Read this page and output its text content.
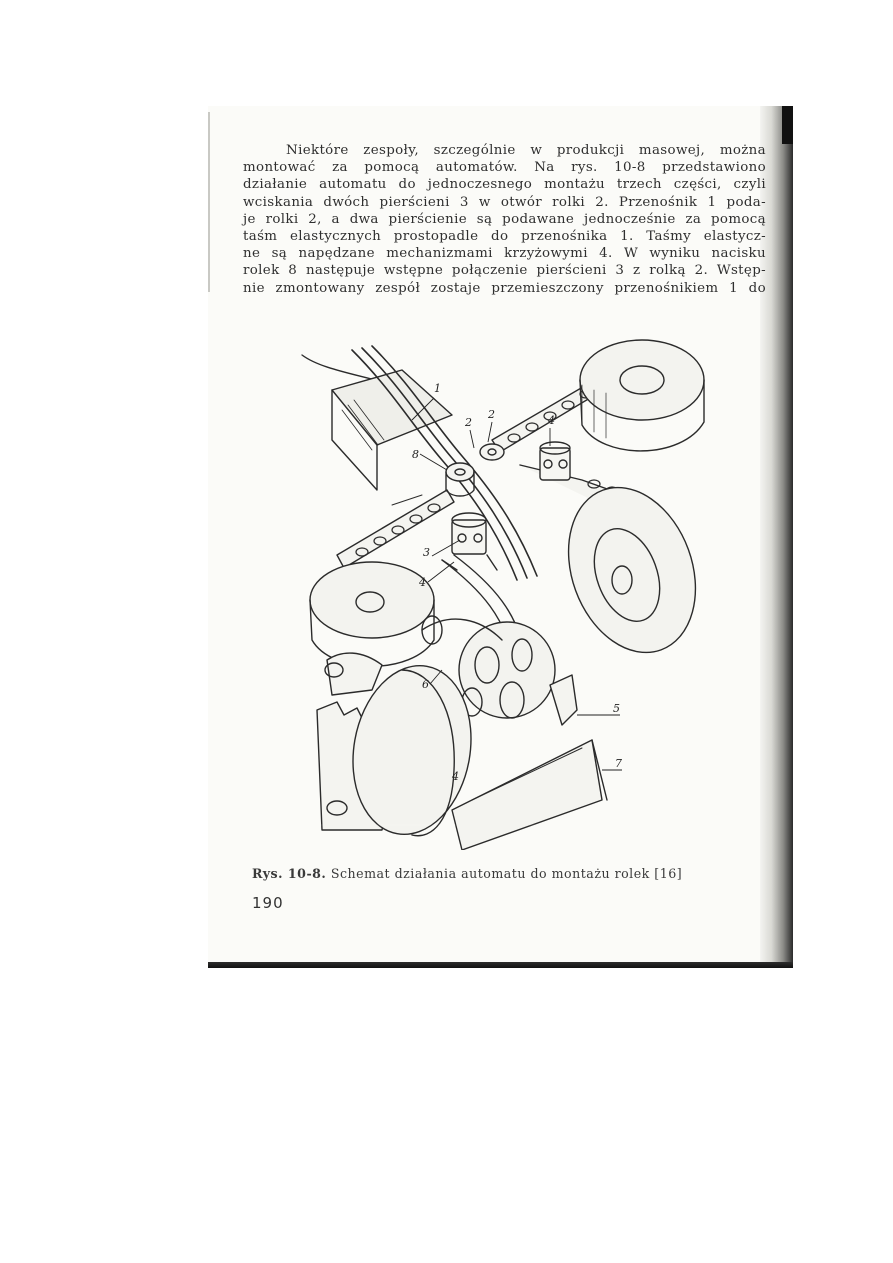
Niektóre zespoły, szczególnie w produkcji masowej, można
montować za pomocą automatów. Na rys. 10-8 przedstawiono
działanie automatu do jednoczesnego montażu trzech części, czyli
wciskania dwóch pierścieni 3 w otwór rolki 2. Przenośnik 1 poda-
je rolki 2, a dwa pierścienie są podawane jednocześnie za pomocą
taśm elastycznych prostopadle do przenośnika 1. Taśmy elastycz-
ne są napędzane mechanizmami krzyżowymi 4. W wyniku nacisku
rolek 8 następuje wstępne połączenie pierścieni 3 z rolką 2. Wstęp-
nie zmontowany zespół zostaje przemieszczony przenośnikiem 1 do
1
2
2	4
8
3
4
6
5
7
4
Rys. 10-8. Schemat działania automatu do montażu rolek [16]
190
